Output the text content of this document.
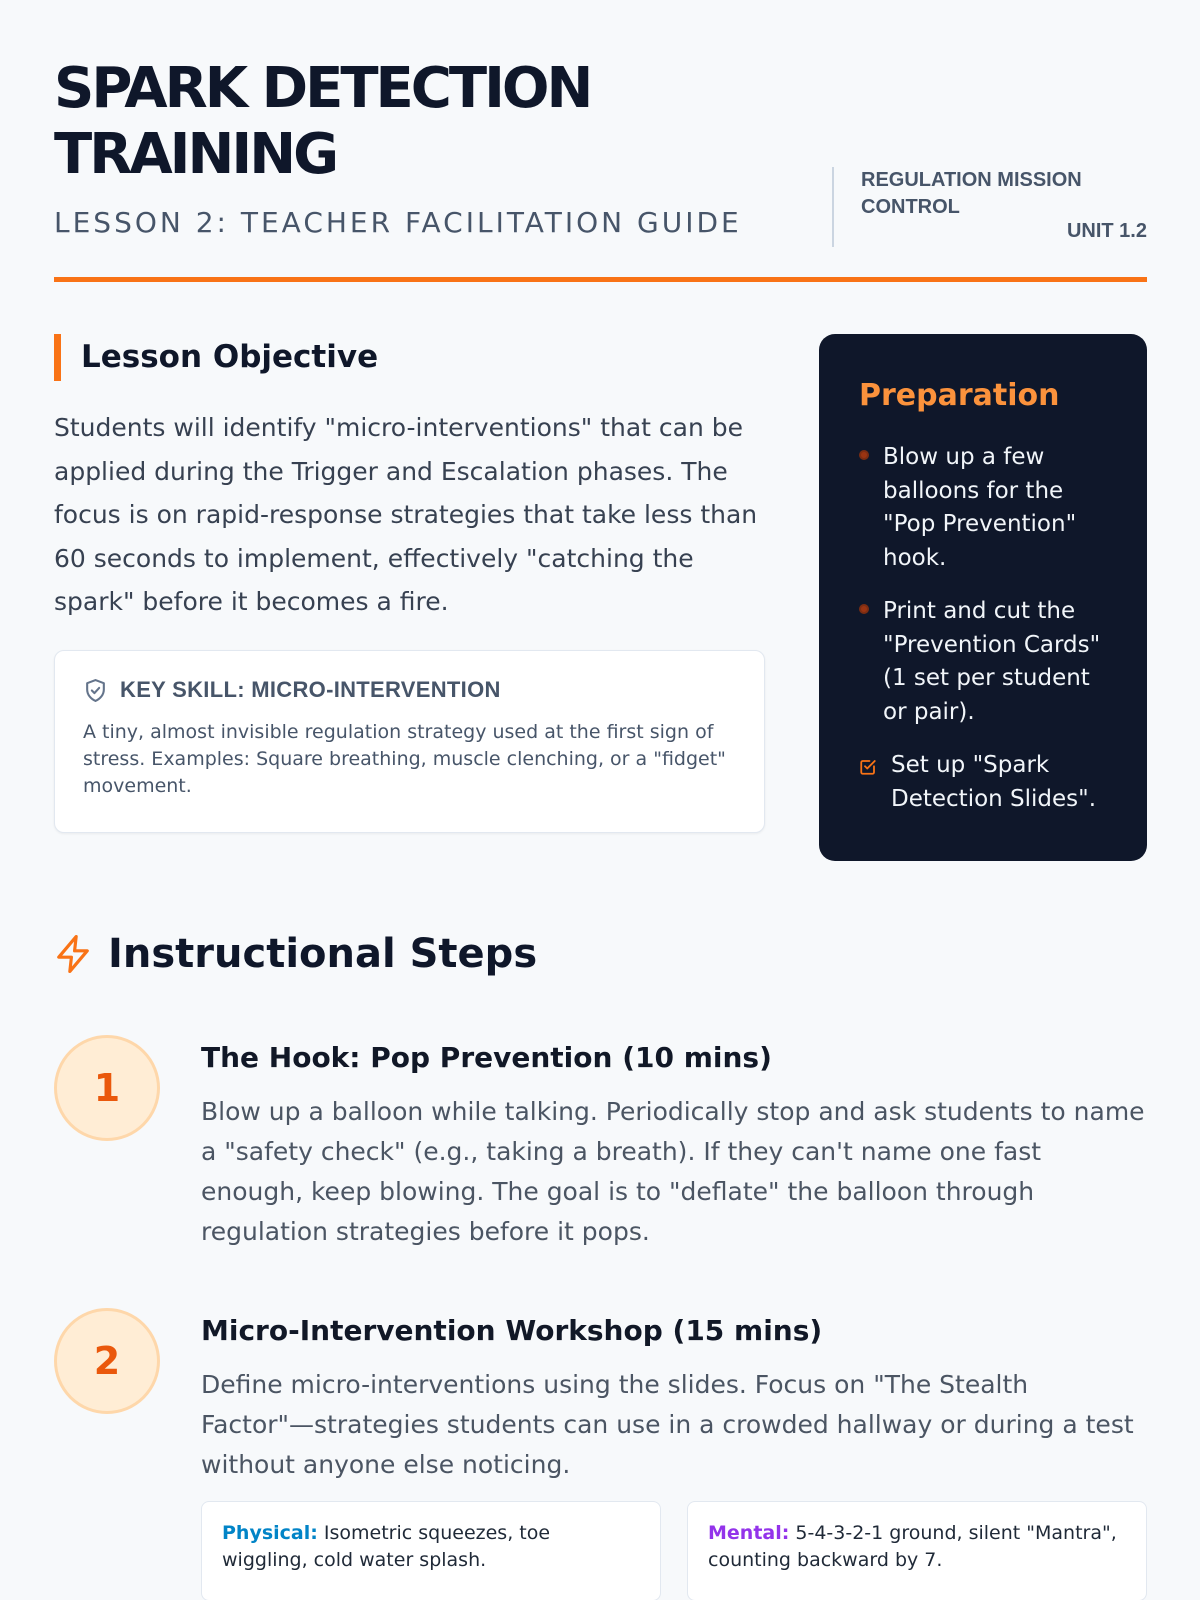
SPARK DETECTION TRAINING
LESSON 2: TEACHER FACILITATION GUIDE
REGULATION MISSION CONTROL
UNIT 1.2
Lesson Objective

Students will identify "micro-interventions" that can be applied during the Trigger and Escalation phases. The focus is on rapid-response strategies that take less than 60 seconds to implement, effectively "catching the spark" before it becomes a fire.

KEY SKILL: MICRO-INTERVENTION

A tiny, almost invisible regulation strategy used at the first sign of stress. Examples: Square breathing, muscle clenching, or a "fidget" movement.

Preparation
Blow up a few balloons for the "Pop Prevention" hook.
Print and cut the "Prevention Cards" (1 set per student or pair).
Set up "Spark Detection Slides".
Instructional Steps
1
The Hook: Pop Prevention (10 mins)

Blow up a balloon while talking. Periodically stop and ask students to name a "safety check" (e.g., taking a breath). If they can't name one fast enough, keep blowing. The goal is to "deflate" the balloon through regulation strategies before it pops.

2
Micro-Intervention Workshop (15 mins)

Define micro-interventions using the slides. Focus on "The Stealth Factor"—strategies students can use in a crowded hallway or during a test without anyone else noticing.

Physical: Isometric squeezes, toe wiggling, cold water splash.
Mental: 5-4-3-2-1 ground, silent "Mantra", counting backward by 7.
